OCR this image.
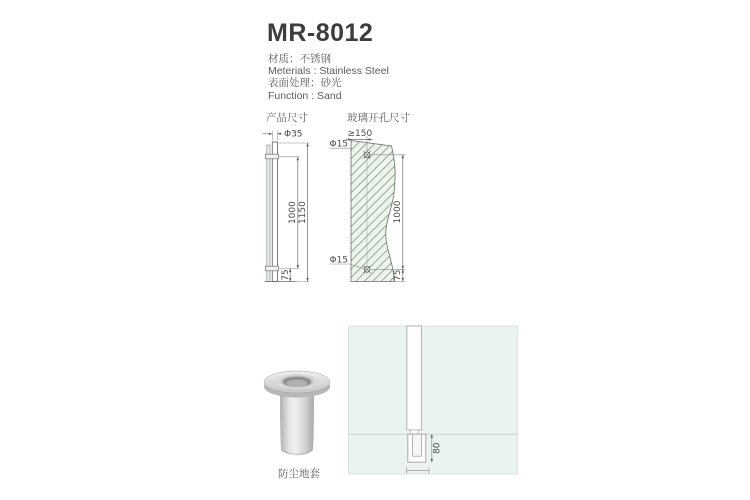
MR-8012
材质：不锈钢
Meterials : Stainless Steel
表面处理：砂光
Function : Sand
产品尺寸	玻璃开孔尺寸
Φ35
1000 1150
75
≥150
Φ15
Φ15
1000
75
防尘地套
80
